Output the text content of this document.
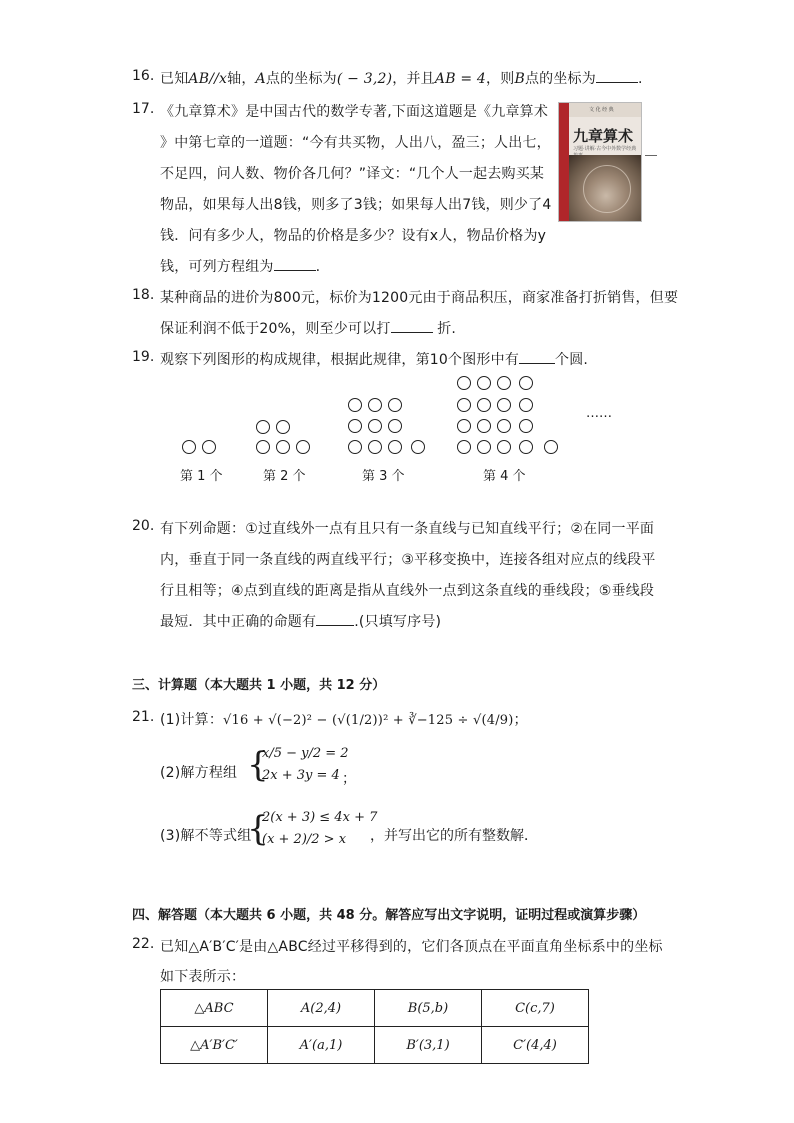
16. 已知AB//x轴，A点的坐标为( − 3,2)，并且AB = 4，则B点的坐标为	.
17. 《九章算术》是中国古代的数学专著,下面这道题是《九章算术
》中第七章的一道题：“今有共买物，人出八，盈三；人出七，
不足四，问人数、物价各几何？”译文：“几个人一起去购买某
物品，如果每人出8钱，则多了3钱；如果每人出7钱，则少了4
钱．问有多少人，物品的价格是多少？设有x人，物品价格为y
钱，可列方程组为	.
文 化 经 典
九章算术
习题·讲解·古今中外数学经典
18. 某种商品的进价为800元，标价为1200元由于商品积压，商家准备打折销售，但要
保证利润不低于20%，则至少可以打	折.
19. 观察下列图形的构成规律，根据此规律，第10个图形中有	个圆.
……
第 1 个	第 2 个	第 3 个	第 4 个
20. 有下列命题：①过直线外一点有且只有一条直线与已知直线平行；②在同一平面
内，垂直于同一条直线的两直线平行；③平移变换中，连接各组对应点的线段平
行且相等；④点到直线的距离是指从直线外一点到这条直线的垂线段；⑤垂线段
最短．其中正确的命题有	.(只填写序号)
三、计算题（本大题共 1 小题，共 12 分）
21. (1)计算：√16 + √(−2)² − (√(1/2))² + ∛−125 ÷ √(4/9)；
(2)解方程组 {
x/5 − y/2 = 2
2x + 3y = 4 ；
(3)解不等式组
{
2(x + 3) ≤ 4x + 7
(x + 2)/2 > x ，并写出它的所有整数解．
四、解答题（本大题共 6 小题，共 48 分。解答应写出文字说明，证明过程或演算步骤）
22. 已知△A′B′C′是由△ABC经过平移得到的，它们各顶点在平面直角坐标系中的坐标
如下表所示：
△ABC	A(2,4)	B(5,b)	C(c,7)
△A′B′C′	A′(a,1)	B′(3,1)	C′(4,4)
